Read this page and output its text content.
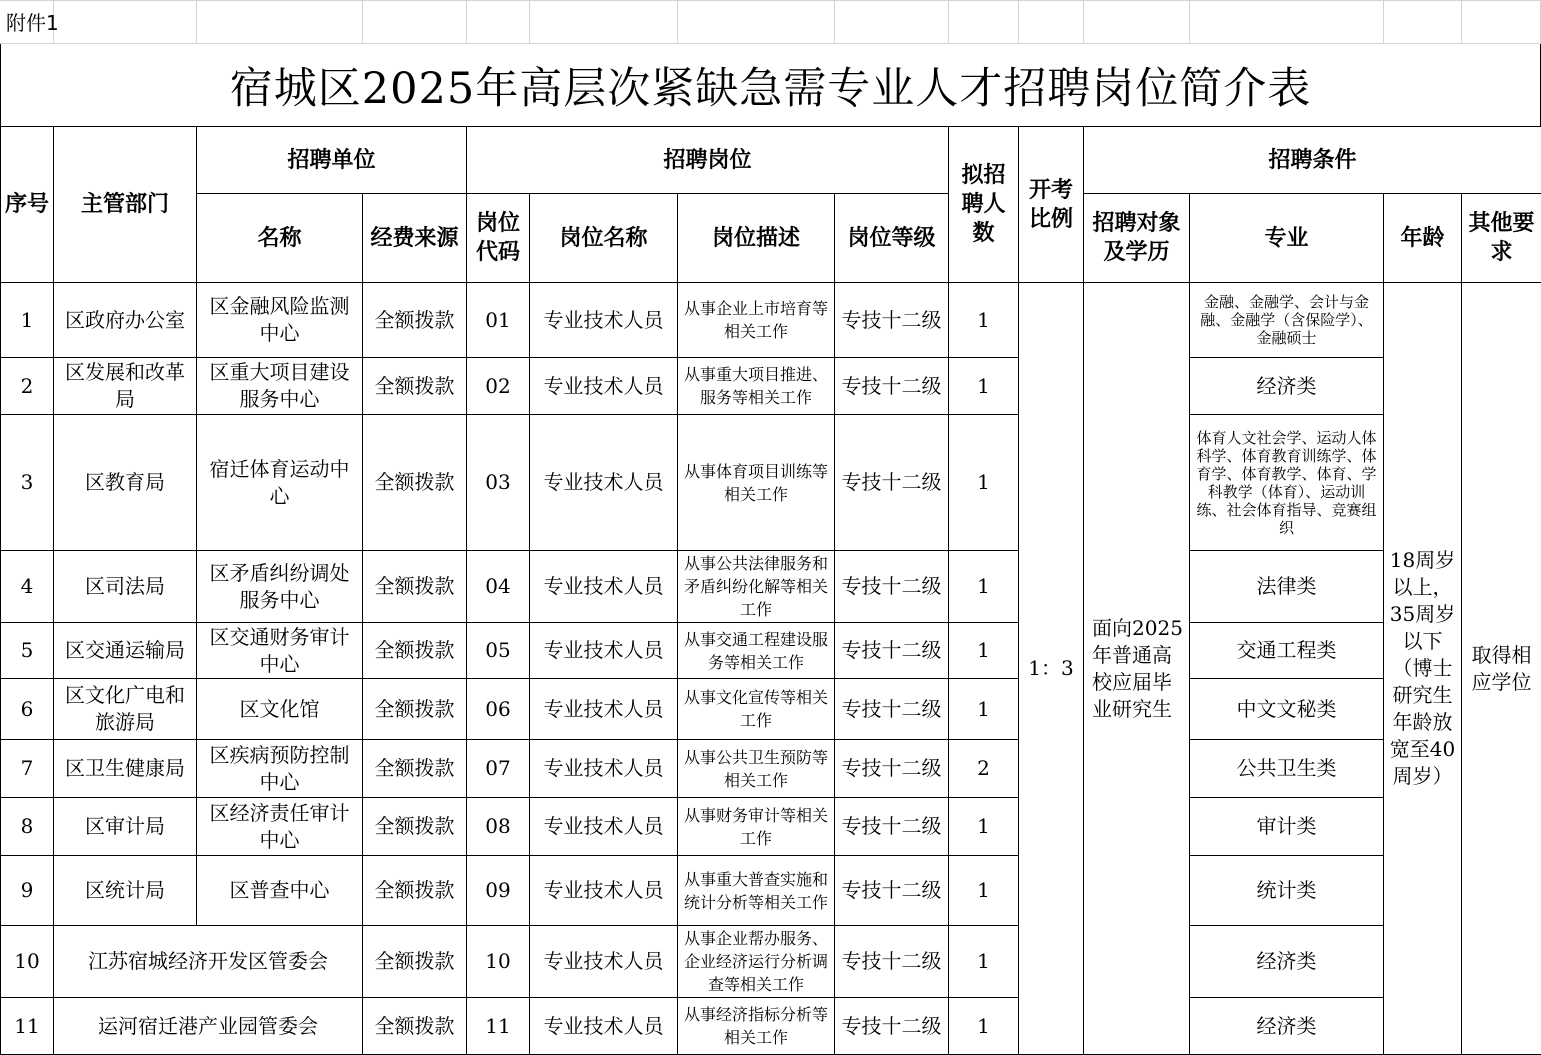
附件1
宿城区2025年高层次紧缺急需专业人才招聘岗位简介表
序号	主管部门	招聘单位		招聘岗位				拟招聘人数	开考比例	招聘条件			
		名称	经费来源	岗位代码	岗位名称	岗位描述	岗位等级			招聘对象及学历	专业	年龄	其他要求
1	区政府办公室	区金融风险监测中心	全额拨款	01	专业技术人员	从事企业上市培育等相关工作	专技十二级	1	1：3	面向2025年普通高校应届毕业研究生	金融、金融学、会计与金融、金融学（含保险学）、金融硕士	18周岁以上，35周岁以下（博士研究生年龄放宽至40周岁）	取得相应学位
2	区发展和改革局	区重大项目建设服务中心	全额拨款	02	专业技术人员	从事重大项目推进、服务等相关工作	专技十二级	1			经济类		
3	区教育局	宿迁体育运动中心	全额拨款	03	专业技术人员	从事体育项目训练等相关工作	专技十二级	1			体育人文社会学、运动人体科学、体育教育训练学、体育学、体育教学、体育、学科教学（体育）、运动训练、社会体育指导、竞赛组织		
4	区司法局	区矛盾纠纷调处服务中心	全额拨款	04	专业技术人员	从事公共法律服务和矛盾纠纷化解等相关工作	专技十二级	1			法律类		
5	区交通运输局	区交通财务审计中心	全额拨款	05	专业技术人员	从事交通工程建设服务等相关工作	专技十二级	1			交通工程类		
6	区文化广电和旅游局	区文化馆	全额拨款	06	专业技术人员	从事文化宣传等相关工作	专技十二级	1			中文文秘类		
7	区卫生健康局	区疾病预防控制中心	全额拨款	07	专业技术人员	从事公共卫生预防等相关工作	专技十二级	2			公共卫生类		
8	区审计局	区经济责任审计中心	全额拨款	08	专业技术人员	从事财务审计等相关工作	专技十二级	1			审计类		
9	区统计局	区普查中心	全额拨款	09	专业技术人员	从事重大普查实施和统计分析等相关工作	专技十二级	1			统计类		
10	江苏宿城经济开发区管委会		全额拨款	10	专业技术人员	从事企业帮办服务、企业经济运行分析调查等相关工作	专技十二级	1			经济类		
11	运河宿迁港产业园管委会		全额拨款	11	专业技术人员	从事经济指标分析等相关工作	专技十二级	1			经济类		
